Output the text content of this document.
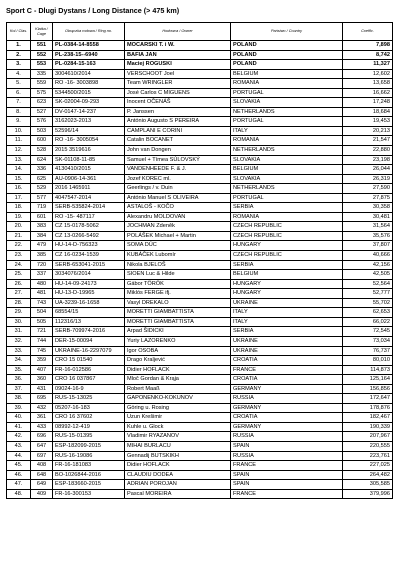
Sport C - Dlugi Dystans / Long Distance (> 475 km)
Kol./ Clas.	Klatka / Cage	Obrączka rodowa / Ring no.	Hodowca / Owner	Państwo / Country	Coeffic.
1.	551	PL-0384-14-8558	MOCARSKI T. i W.	POLAND	7,898
2.	552	PL-238-15--6940	BAFIA JAN	POLAND	8,742
3.	553	PL-0284-15-163	Maciej ROGUSKI	POLAND	11,327
4.	335	3004610/2014	VERSCHOOT Joel	BELGIUM	12,602
5.	559	RO -16- 3003898	Team WRINGLER	ROMANIA	13,658
6.	575	5344500/2015	José Carlos C MIGUENS	PORTUGAL	16,662
7.	623	SK-02004-09-293	Inocent OČENÁŠ	SLOVAKIA	17,248
8.	527	DV-0147-14-237	P. Janssen	NETHERLANDS	18,684
9.	576	3162023-2013	António Augusto S PEREIRA	PORTUGAL	19,453
10.	503	52596/14	CAMPLANI E CORINI	ITALY	20,213
11.	600	RO -16- 3005054	Catalin BOCANET	ROMANIA	21,547
12.	528	2015 3519616	John van Dongen	NETHERLANDS	22,880
13.	624	SK-01108-11-85	Samuel + Tímea SÚLOVSKÝ	SLOVAKIA	23,198
14.	336	4130410/2015	VANDENHEEDE F. & J.	BELGIUM	26,044
15.	625	AU-0906-14-361	Jozef KOREC ml.	SLOVAKIA	26,319
16.	529	2016 1465911	Geerlings / v. Duin	NETHERLANDS	27,590
17.	577	4047547-2014	António Manuel S OLIVEIRA	PORTUGAL	27,875
18.	719	SERB-535824-2014	ASTALOŠ - KOČO	SERBIA	30,358
19.	601	RO -15- 487117	Alexandru MOLDOVAN	ROMANIA	30,481
20.	383	CZ 15-0178-5062	JOCHMAN Zdeněk	CZECH REPUBLIC	31,564
21.	384	CZ 13-0266-5492	POLÁŠEK Michael + Martin	CZECH REPUBLIC	35,576
22.	479	HU-14-D-756323	SOMA DÚC	HUNGARY	37,807
23.	385	CZ 16-0234-1539	KUBÁČEK Lubomír	CZECH REPUBLIC	40,666
24.	720	SERB-653041-2015	Nikola BJELOŠ	SERBIA	42,156
25.	337	3034076/2014	SIOEN Luc & Hilde	BELGIUM	42,505
26.	480	HU-14-09-24173	Gábor TÖRÖK	HUNGARY	52,564
27.	481	HU-13-D-19965	Miklós FERGE ifj.	HUNGARY	52,777
28.	743	UA-3239-16-1658	Vasyl DREKALO	UKRAINE	55,702
29.	504	68554/15	MORETTI GIAMBATTISTA	ITALY	62,653
30.	505	112316/13	MORETTI GIAMBATTISTA	ITALY	66,022
31.	721	SERB-709974-2016	Arpad ŠIDICKI	SERBIA	72,545
32.	744	DER-15-00094	Yuriy LAZORENKO	UKRAINE	73,034
33.	745	UKRAINE-16-2297079	Igor OSOBA	UKRAINE	76,737
34.	359	CRO 15 01540	Drago Kraljević	CROATIA	80,010
35.	407	FR-16-012586	Didier HOFLACK	FRANCE	114,873
36.	360	CRO 16 037867	Mloč Gordan & Krąja	CROATIA	125,164
37.	431	09024-16-9	Robert Maaß	GERMANY	156,856
38.	695	RUS-15-13025	GAPONENKO-KOKUNOV	RUSSIA	172,647
39.	432	05207-16-183	Göring u. Rosing	GERMANY	178,876
40.	361	CRO 16 37602	Uzun Krešimir	CROATIA	182,467
41.	433	08992-12-419	Kuhle u. Glock	GERMANY	190,339
42.	696	RUS-15-01395	Vladimir RYAZANOV	RUSSIA	207,967
43.	647	ESP-182099-2015	MIHAI BURLACU	SPAIN	220,555
44.	697	RUS-16-19086	Gennadij BUTSKIKH	RUSSIA	223,761
45.	408	FR-16-181083	Didier HOFLACK	FRANCE	227,025
46.	648	BO-1026844-2016	CLAUDIU DODEA	SPAIN	264,482
47.	649	ESP-183660-2015	ADRIAN POROJAN	SPAIN	305,585
48.	409	FR-16-300153	Pascal MOREIRA	FRANCE	379,996
